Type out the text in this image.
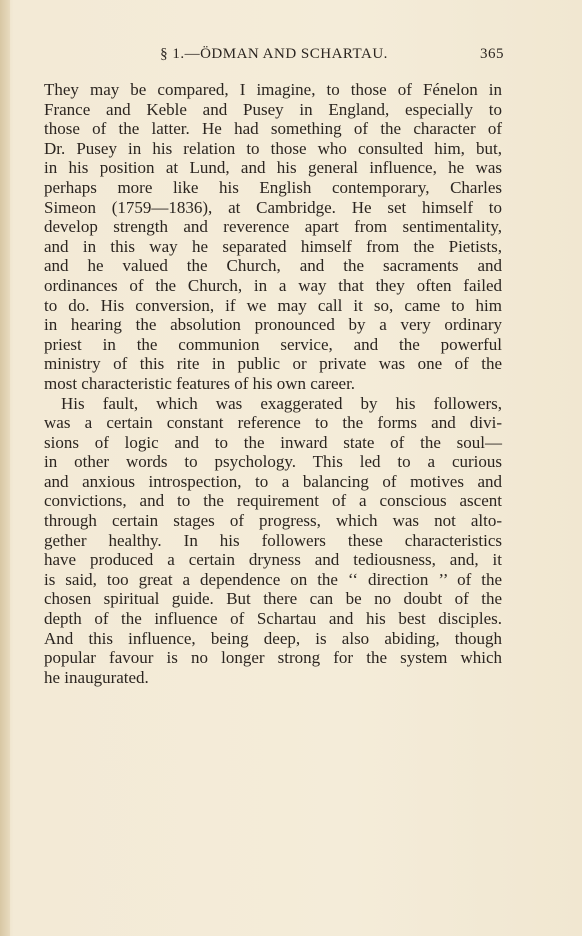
§ 1.—ÖDMAN AND SCHARTAU.	365

They may be compared, I imagine, to those of Fénelon in
France and Keble and Pusey in England, especially to
those of the latter. He had something of the character of
Dr. Pusey in his relation to those who consulted him, but,
in his position at Lund, and his general influence, he was
perhaps more like his English contemporary, Charles
Simeon (1759—1836), at Cambridge. He set himself to
develop strength and reverence apart from sentimentality,
and in this way he separated himself from the Pietists,
and he valued the Church, and the sacraments and
ordinances of the Church, in a way that they often failed
to do. His conversion, if we may call it so, came to him
in hearing the absolution pronounced by a very ordinary
priest in the communion service, and the powerful
ministry of this rite in public or private was one of the
most characteristic features of his own career.

His fault, which was exaggerated by his followers,
was a certain constant reference to the forms and divi-
sions of logic and to the inward state of the soul—
in other words to psychology. This led to a curious
and anxious introspection, to a balancing of motives and
convictions, and to the requirement of a conscious ascent
through certain stages of progress, which was not alto-
gether healthy. In his followers these characteristics
have produced a certain dryness and tediousness, and, it
is said, too great a dependence on the ‘‘ direction ’’ of the
chosen spiritual guide. But there can be no doubt of the
depth of the influence of Schartau and his best disciples.
And this influence, being deep, is also abiding, though
popular favour is no longer strong for the system which
he inaugurated.
